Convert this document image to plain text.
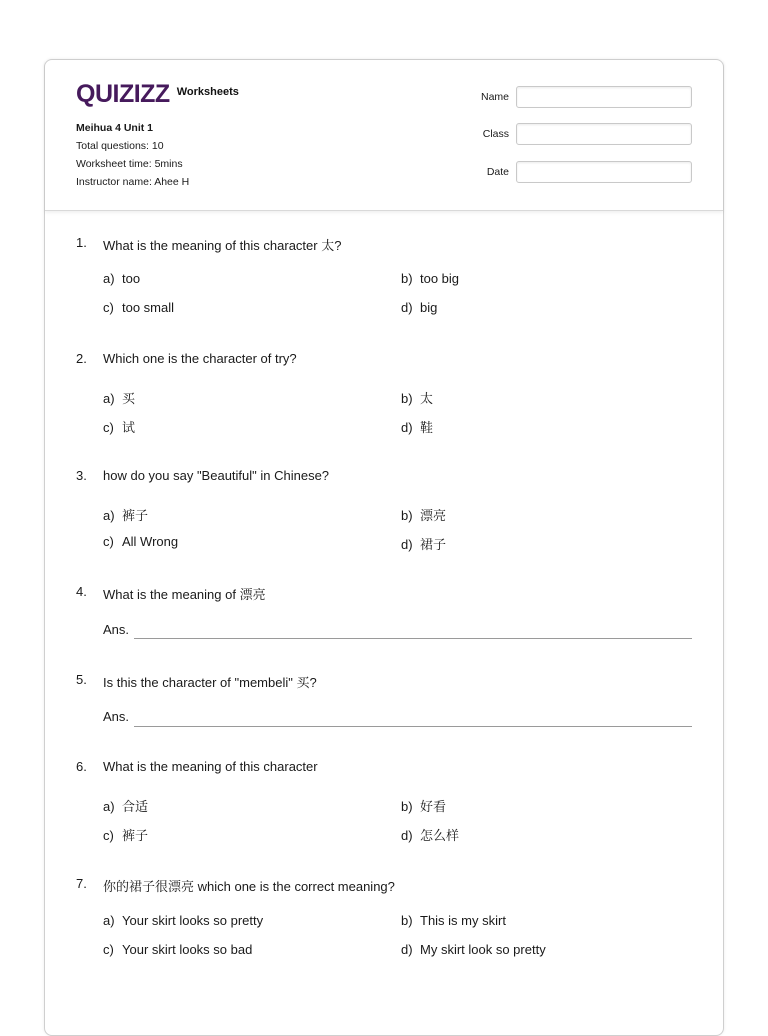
QUIZIZZ Worksheets
Meihua 4 Unit 1
Total questions: 10
Worksheet time: 5mins
Instructor name: Ahee H
Name
Class
Date
1. What is the meaning of this character 太?
a) too	b) too big
c) too small	d) big
2. Which one is the character of try?
a) 买	b) 太
c) 试	d) 鞋
3. how do you say "Beautiful" in Chinese?
a) 裤子	b) 漂亮
c) All Wrong	d) 裙子
4. What is the meaning of 漂亮
Ans.
5. Is this the character of "membeli" 买?
Ans.
6. What is the meaning of this character
a) 合适	b) 好看
c) 裤子	d) 怎么样
7. 你的裙子很漂亮 which one is the correct meaning?
a) Your skirt looks so pretty	b) This is my skirt
c) Your skirt looks so bad	d) My skirt look so pretty
